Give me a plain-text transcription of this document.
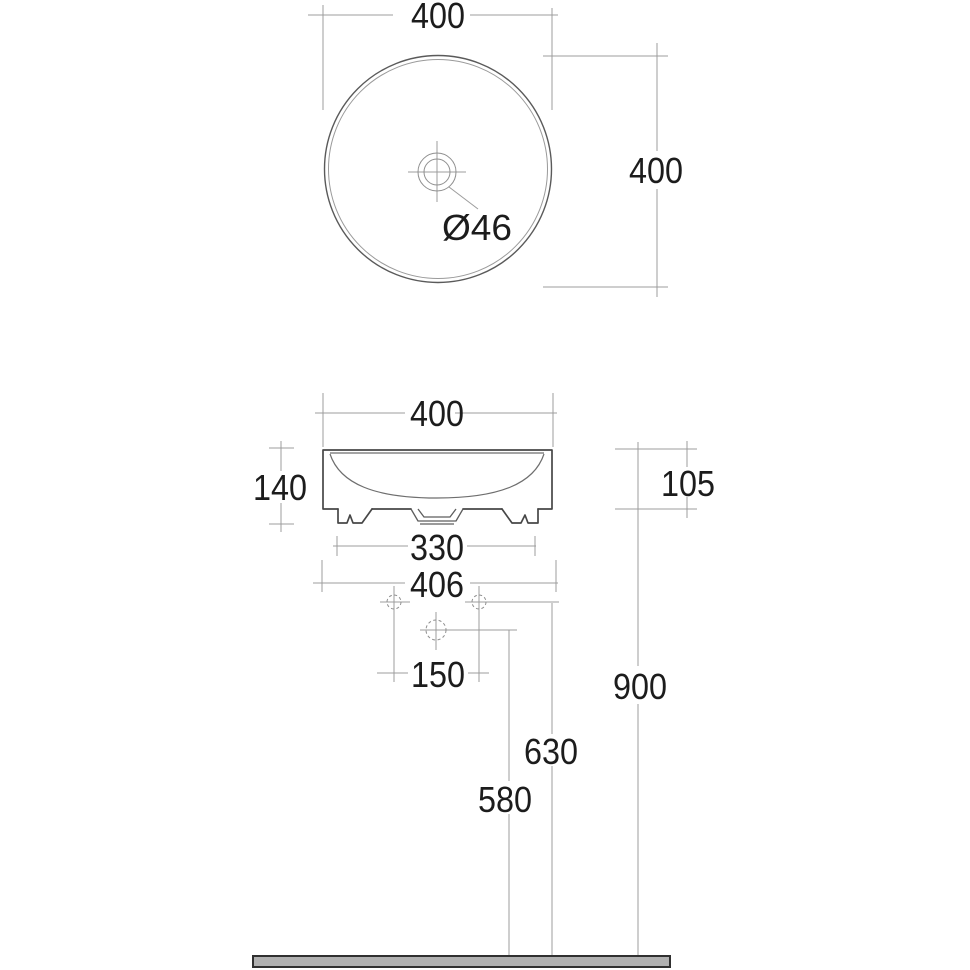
400
400
Ø46
400
140	105
330
406
150	900
630
580
